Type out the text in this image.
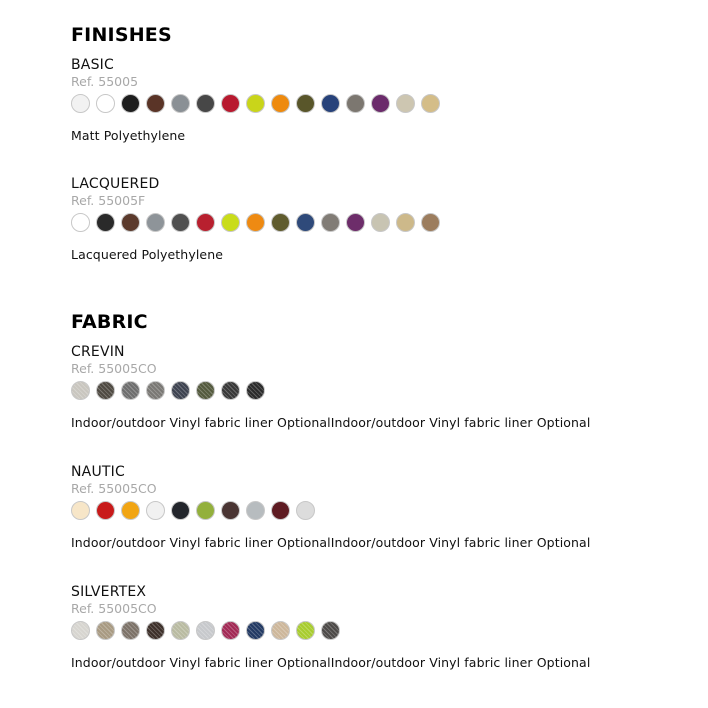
FINISHES
BASIC
Ref. 55005
Matt Polyethylene
LACQUERED
Ref. 55005F
Lacquered Polyethylene
FABRIC
CREVIN
Ref. 55005CO
Indoor/outdoor Vinyl fabric liner OptionalIndoor/outdoor Vinyl fabric liner Optional
NAUTIC
Ref. 55005CO
Indoor/outdoor Vinyl fabric liner OptionalIndoor/outdoor Vinyl fabric liner Optional
SILVERTEX
Ref. 55005CO
Indoor/outdoor Vinyl fabric liner OptionalIndoor/outdoor Vinyl fabric liner Optional
